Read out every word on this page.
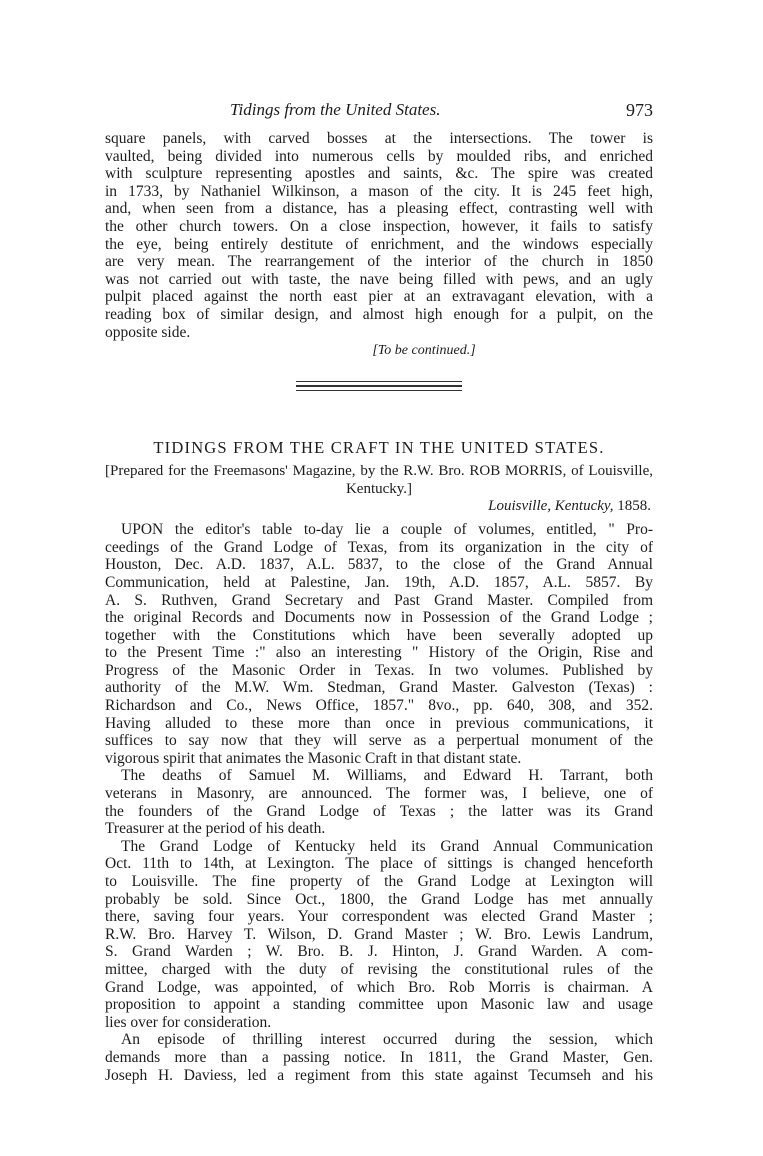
Tidings from the United States.	973
square panels, with carved bosses at the intersections. The tower is
vaulted, being divided into numerous cells by moulded ribs, and enriched
with sculpture representing apostles and saints, &c. The spire was created
in 1733, by Nathaniel Wilkinson, a mason of the city. It is 245 feet high,
and, when seen from a distance, has a pleasing effect, contrasting well with
the other church towers. On a close inspection, however, it fails to satisfy
the eye, being entirely destitute of enrichment, and the windows especially
are very mean. The rearrangement of the interior of the church in 1850
was not carried out with taste, the nave being filled with pews, and an ugly
pulpit placed against the north east pier at an extravagant elevation, with a
reading box of similar design, and almost high enough for a pulpit, on the
opposite side.
[To be continued.]
TIDINGS FROM THE CRAFT IN THE UNITED STATES.
[Prepared for the Freemasons' Magazine, by the R.W. Bro. ROB MORRIS, of Louisville,
Kentucky.]
Louisville, Kentucky, 1858.
UPON the editor's table to-day lie a couple of volumes, entitled, " Pro-
ceedings of the Grand Lodge of Texas, from its organization in the city of
Houston, Dec. A.D. 1837, A.L. 5837, to the close of the Grand Annual
Communication, held at Palestine, Jan. 19th, A.D. 1857, A.L. 5857. By
A. S. Ruthven, Grand Secretary and Past Grand Master. Compiled from
the original Records and Documents now in Possession of the Grand Lodge ;
together with the Constitutions which have been severally adopted up
to the Present Time :" also an interesting " History of the Origin, Rise and
Progress of the Masonic Order in Texas. In two volumes. Published by
authority of the M.W. Wm. Stedman, Grand Master. Galveston (Texas) :
Richardson and Co., News Office, 1857." 8vo., pp. 640, 308, and 352.
Having alluded to these more than once in previous communications, it
suffices to say now that they will serve as a perpertual monument of the
vigorous spirit that animates the Masonic Craft in that distant state.
The deaths of Samuel M. Williams, and Edward H. Tarrant, both
veterans in Masonry, are announced. The former was, I believe, one of
the founders of the Grand Lodge of Texas ; the latter was its Grand
Treasurer at the period of his death.
The Grand Lodge of Kentucky held its Grand Annual Communication
Oct. 11th to 14th, at Lexington. The place of sittings is changed henceforth
to Louisville. The fine property of the Grand Lodge at Lexington will
probably be sold. Since Oct., 1800, the Grand Lodge has met annually
there, saving four years. Your correspondent was elected Grand Master ;
R.W. Bro. Harvey T. Wilson, D. Grand Master ; W. Bro. Lewis Landrum,
S. Grand Warden ; W. Bro. B. J. Hinton, J. Grand Warden. A com-
mittee, charged with the duty of revising the constitutional rules of the
Grand Lodge, was appointed, of which Bro. Rob Morris is chairman. A
proposition to appoint a standing committee upon Masonic law and usage
lies over for consideration.
An episode of thrilling interest occurred during the session, which
demands more than a passing notice. In 1811, the Grand Master, Gen.
Joseph H. Daviess, led a regiment from this state against Tecumseh and his
